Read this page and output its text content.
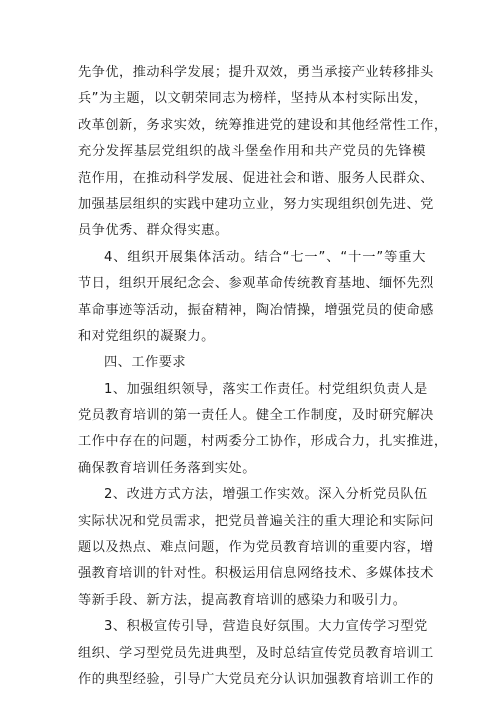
先争优，推动科学发展；提升双效，勇当承接产业转移排头
兵”为主题，以文朝荣同志为榜样，坚持从本村实际出发，
改革创新，务求实效，统筹推进党的建设和其他经常性工作，
充分发挥基层党组织的战斗堡垒作用和共产党员的先锋模
范作用，在推动科学发展、促进社会和谐、服务人民群众、
加强基层组织的实践中建功立业，努力实现组织创先进、党
员争优秀、群众得实惠。
4、组织开展集体活动。结合“七一”、“十一”等重大
节日，组织开展纪念会、参观革命传统教育基地、缅怀先烈
革命事迹等活动，振奋精神，陶冶情操，增强党员的使命感
和对党组织的凝聚力。
四、工作要求
1、加强组织领导，落实工作责任。村党组织负责人是
党员教育培训的第一责任人。健全工作制度，及时研究解决
工作中存在的问题，村两委分工协作，形成合力，扎实推进，
确保教育培训任务落到实处。
2、改进方式方法，增强工作实效。深入分析党员队伍
实际状况和党员需求，把党员普遍关注的重大理论和实际问
题以及热点、难点问题，作为党员教育培训的重要内容，增
强教育培训的针对性。积极运用信息网络技术、多媒体技术
等新手段、新方法，提高教育培训的感染力和吸引力。
3、积极宣传引导，营造良好氛围。大力宣传学习型党
组织、学习型党员先进典型，及时总结宣传党员教育培训工
作的典型经验，引导广大党员充分认识加强教育培训工作的
